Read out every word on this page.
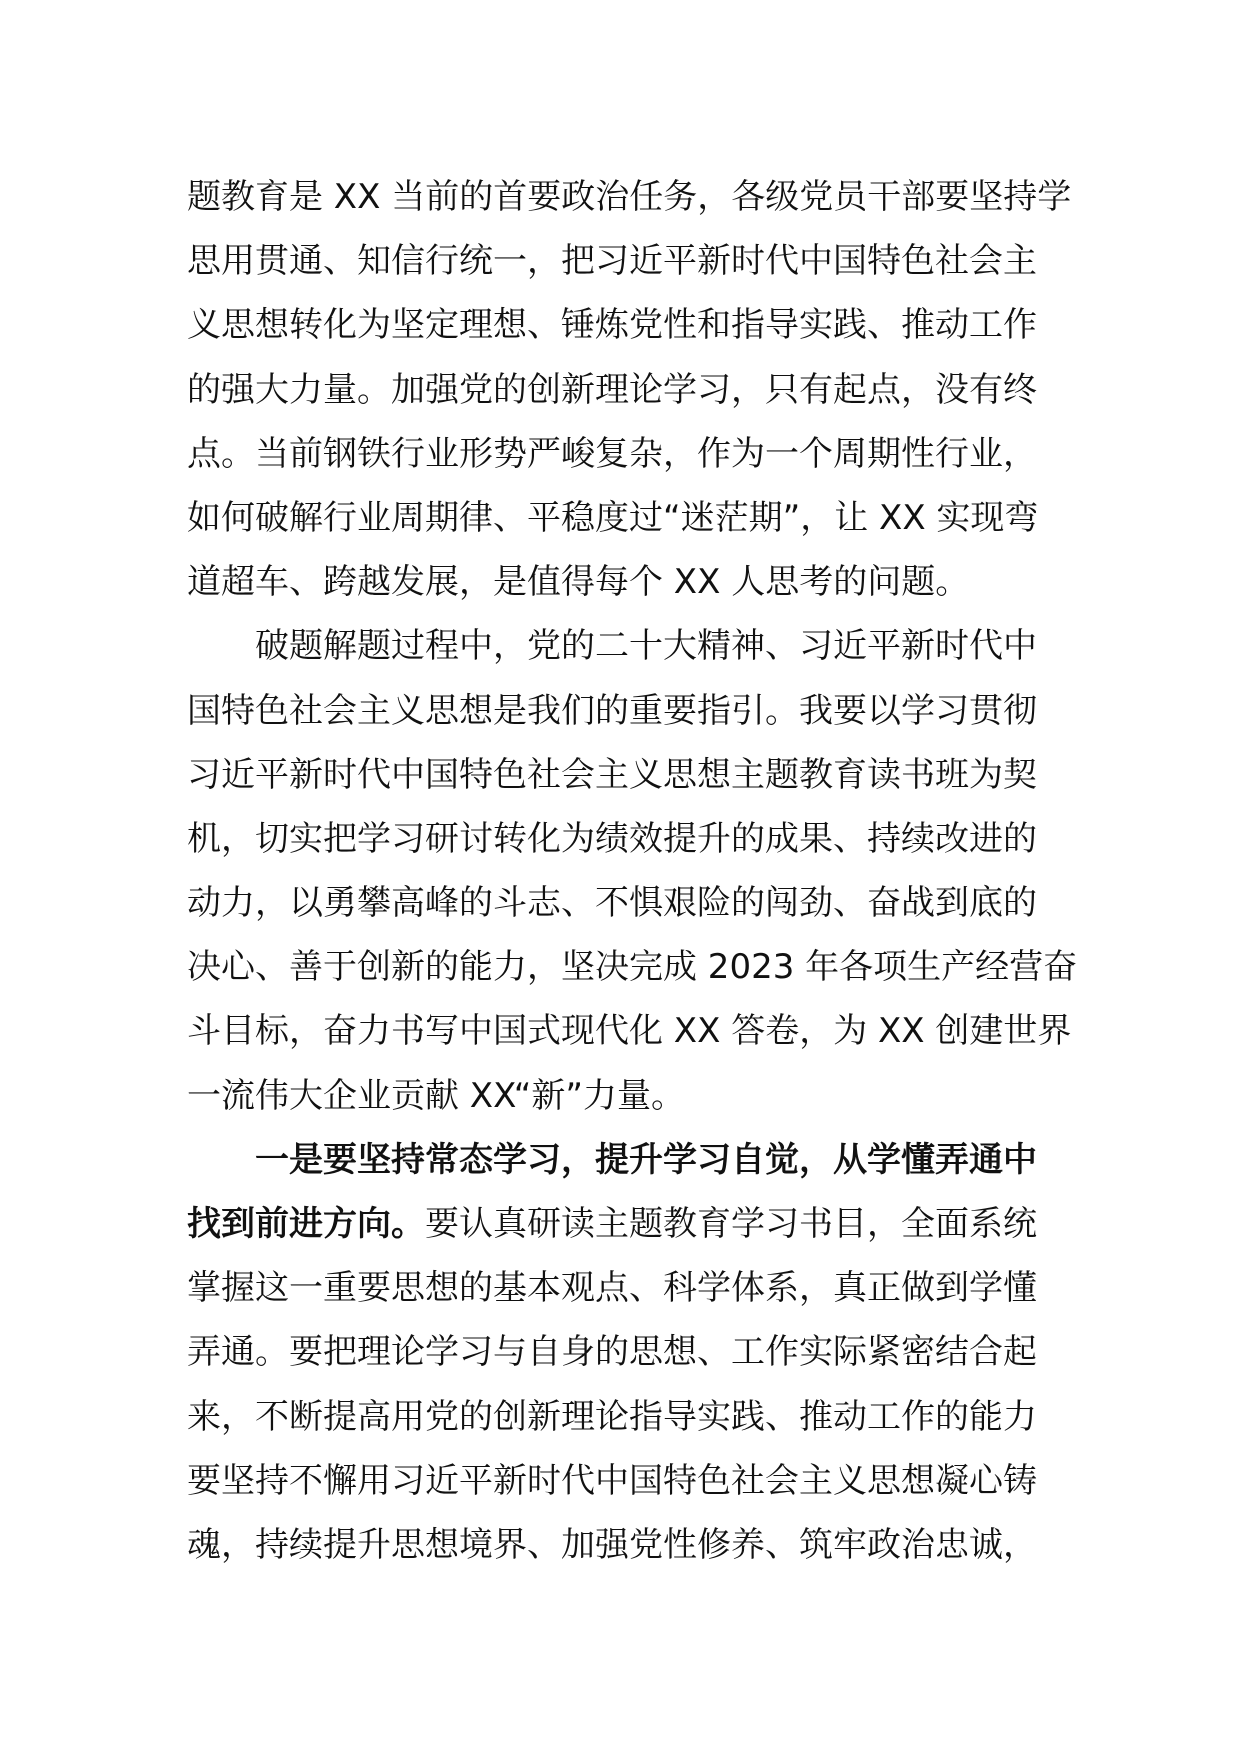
题教育是 XX 当前的首要政治任务，各级党员干部要坚持学
思用贯通、知信行统一，把习近平新时代中国特色社会主
义思想转化为坚定理想、锤炼党性和指导实践、推动工作
的强大力量。加强党的创新理论学习，只有起点，没有终
点。当前钢铁行业形势严峻复杂，作为一个周期性行业，
如何破解行业周期律、平稳度过“迷茫期”，让 XX 实现弯
道超车、跨越发展，是值得每个 XX 人思考的问题。
破题解题过程中，党的二十大精神、习近平新时代中
国特色社会主义思想是我们的重要指引。我要以学习贯彻
习近平新时代中国特色社会主义思想主题教育读书班为契
机，切实把学习研讨转化为绩效提升的成果、持续改进的
动力，以勇攀高峰的斗志、不惧艰险的闯劲、奋战到底的
决心、善于创新的能力，坚决完成 2023 年各项生产经营奋
斗目标，奋力书写中国式现代化 XX 答卷，为 XX 创建世界
一流伟大企业贡献 XX“新”力量。
一是要坚持常态学习，提升学习自觉，从学懂弄通中
找到前进方向。要认真研读主题教育学习书目，全面系统
掌握这一重要思想的基本观点、科学体系，真正做到学懂
弄通。要把理论学习与自身的思想、工作实际紧密结合起
来，不断提高用党的创新理论指导实践、推动工作的能力
要坚持不懈用习近平新时代中国特色社会主义思想凝心铸
魂，持续提升思想境界、加强党性修养、筑牢政治忠诚，
